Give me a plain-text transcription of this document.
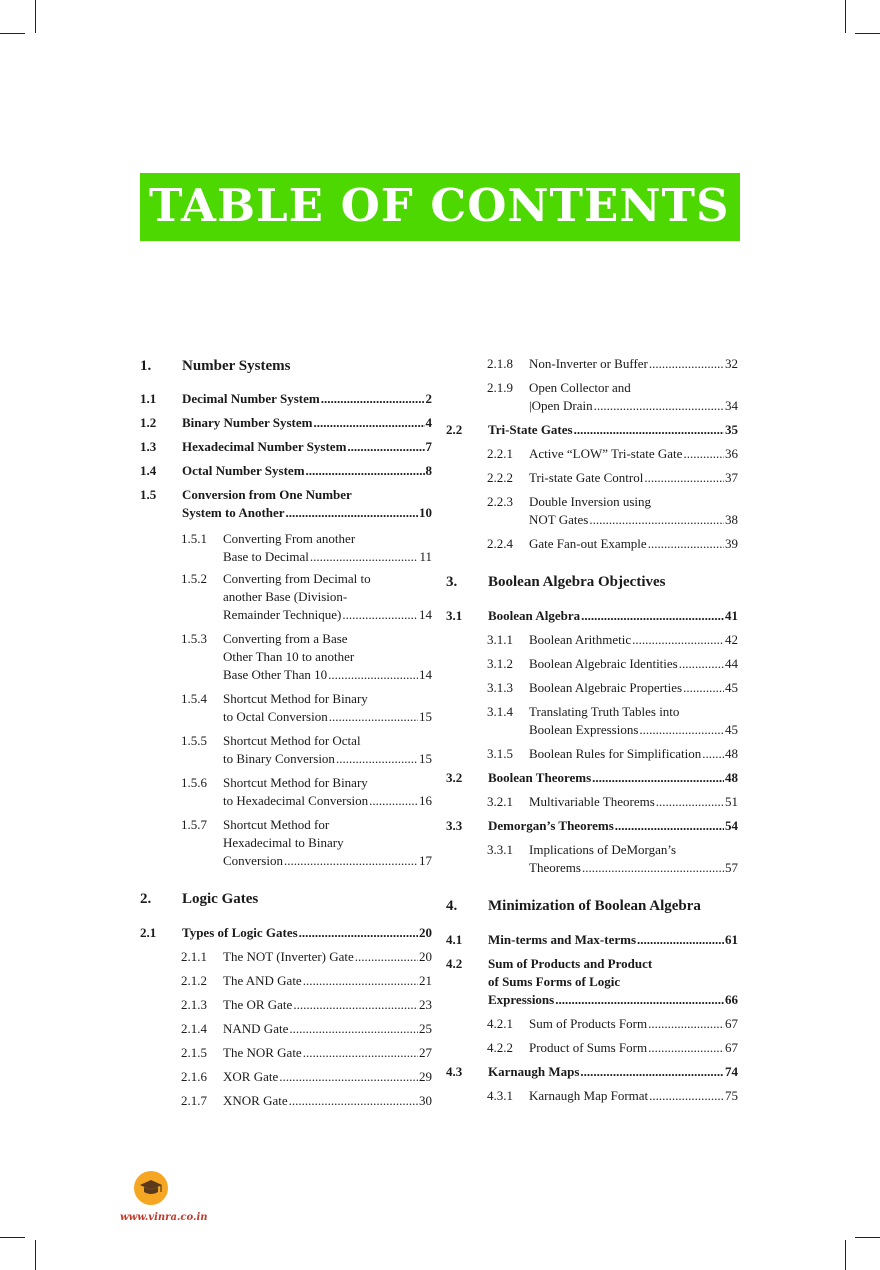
TABLE OF CONTENTS
1. Number Systems
1.1 Decimal Number System .....	2
1.2 Binary Number System .....	4
1.3 Hexadecimal Number System .....	7
1.4 Octal Number System .....	8
1.5 Conversion from One Number
System to Another .....	10
1.5.1 Converting From another
Base to Decimal .....	11
1.5.2 Converting from Decimal to
another Base (Division-
Remainder Technique) .....	14
1.5.3 Converting from a Base
Other Than 10 to another
Base Other Than 10 .....	14
1.5.4 Shortcut Method for Binary
to Octal Conversion .....	15
1.5.5 Shortcut Method for Octal
to Binary Conversion .....	15
1.5.6 Shortcut Method for Binary
to Hexadecimal Conversion .....	16
1.5.7 Shortcut Method for
Hexadecimal to Binary
Conversion .....	17
2. Logic Gates
2.1 Types of Logic Gates .....	20
2.1.1 The NOT (Inverter) Gate .....	20
2.1.2 The AND Gate .....	21
2.1.3 The OR Gate .....	23
2.1.4 NAND Gate .....	25
2.1.5 The NOR Gate .....	27
2.1.6 XOR Gate .....	29
2.1.7 XNOR Gate .....	30
2.1.8 Non-Inverter or Buffer .....	32
2.1.9 Open Collector and
|Open Drain .....	34
2.2 Tri-State Gates .....	35
2.2.1 Active “LOW” Tri-state Gate .....	36
2.2.2 Tri-state Gate Control .....	37
2.2.3 Double Inversion using
NOT Gates .....	38
2.2.4 Gate Fan-out Example .....	39
3. Boolean Algebra Objectives
3.1 Boolean Algebra .....	41
3.1.1 Boolean Arithmetic .....	42
3.1.2 Boolean Algebraic Identities .....	44
3.1.3 Boolean Algebraic Properties .....	45
3.1.4 Translating Truth Tables into
Boolean Expressions .....	45
3.1.5 Boolean Rules for Simplification ..... 48
3.2 Boolean Theorems .....	48
3.2.1 Multivariable Theorems .....	51
3.3 Demorgan’s Theorems .....	54
3.3.1 Implications of DeMorgan’s
Theorems .....	57
4. Minimization of Boolean Algebra
4.1 Min-terms and Max-terms .....	61
4.2 Sum of Products and Product
of Sums Forms of Logic
Expressions .....	66
4.2.1 Sum of Products Form .....	67
4.2.2 Product of Sums Form .....	67
4.3 Karnaugh Maps .....	74
4.3.1 Karnaugh Map Format .....	75
www.vinra.co.in
